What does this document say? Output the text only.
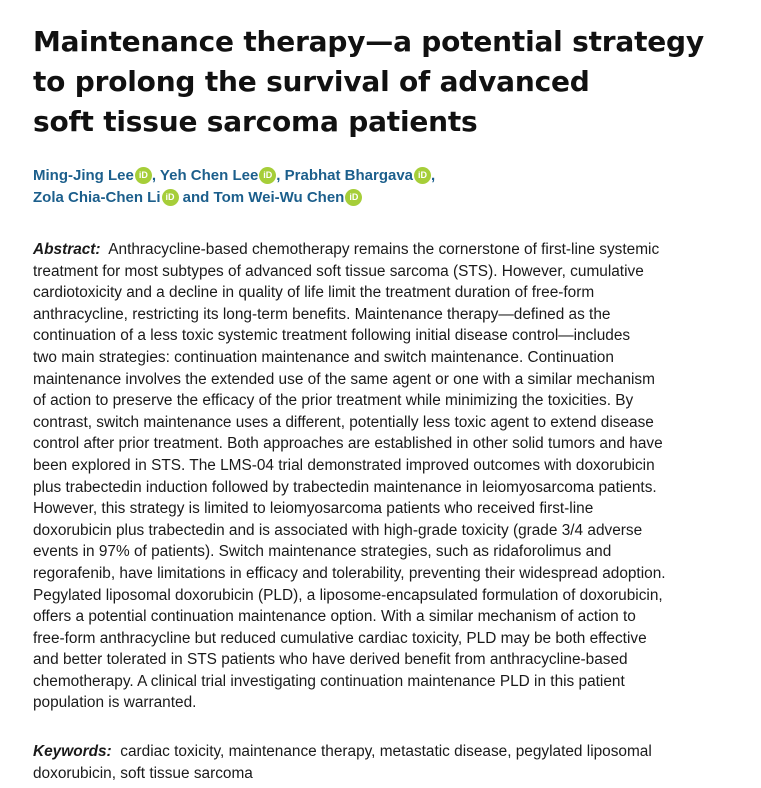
Maintenance therapy—a potential strategy
to prolong the survival of advanced
soft tissue sarcoma patients
Ming-Jing Lee iD , Yeh Chen Lee iD , Prabhat Bhargava iD ,
Zola Chia-Chen Li iD and Tom Wei-Wu Chen iD
Abstract: Anthracycline-based chemotherapy remains the cornerstone of first-line systemic
treatment for most subtypes of advanced soft tissue sarcoma (STS). However, cumulative
cardiotoxicity and a decline in quality of life limit the treatment duration of free-form
anthracycline, restricting its long-term benefits. Maintenance therapy—defined as the
continuation of a less toxic systemic treatment following initial disease control—includes
two main strategies: continuation maintenance and switch maintenance. Continuation
maintenance involves the extended use of the same agent or one with a similar mechanism
of action to preserve the efficacy of the prior treatment while minimizing the toxicities. By
contrast, switch maintenance uses a different, potentially less toxic agent to extend disease
control after prior treatment. Both approaches are established in other solid tumors and have
been explored in STS. The LMS-04 trial demonstrated improved outcomes with doxorubicin
plus trabectedin induction followed by trabectedin maintenance in leiomyosarcoma patients.
However, this strategy is limited to leiomyosarcoma patients who received first-line
doxorubicin plus trabectedin and is associated with high-grade toxicity (grade 3/4 adverse
events in 97% of patients). Switch maintenance strategies, such as ridaforolimus and
regorafenib, have limitations in efficacy and tolerability, preventing their widespread adoption.
Pegylated liposomal doxorubicin (PLD), a liposome-encapsulated formulation of doxorubicin,
offers a potential continuation maintenance option. With a similar mechanism of action to
free-form anthracycline but reduced cumulative cardiac toxicity, PLD may be both effective
and better tolerated in STS patients who have derived benefit from anthracycline-based
chemotherapy. A clinical trial investigating continuation maintenance PLD in this patient
population is warranted.
Keywords: cardiac toxicity, maintenance therapy, metastatic disease, pegylated liposomal
doxorubicin, soft tissue sarcoma
